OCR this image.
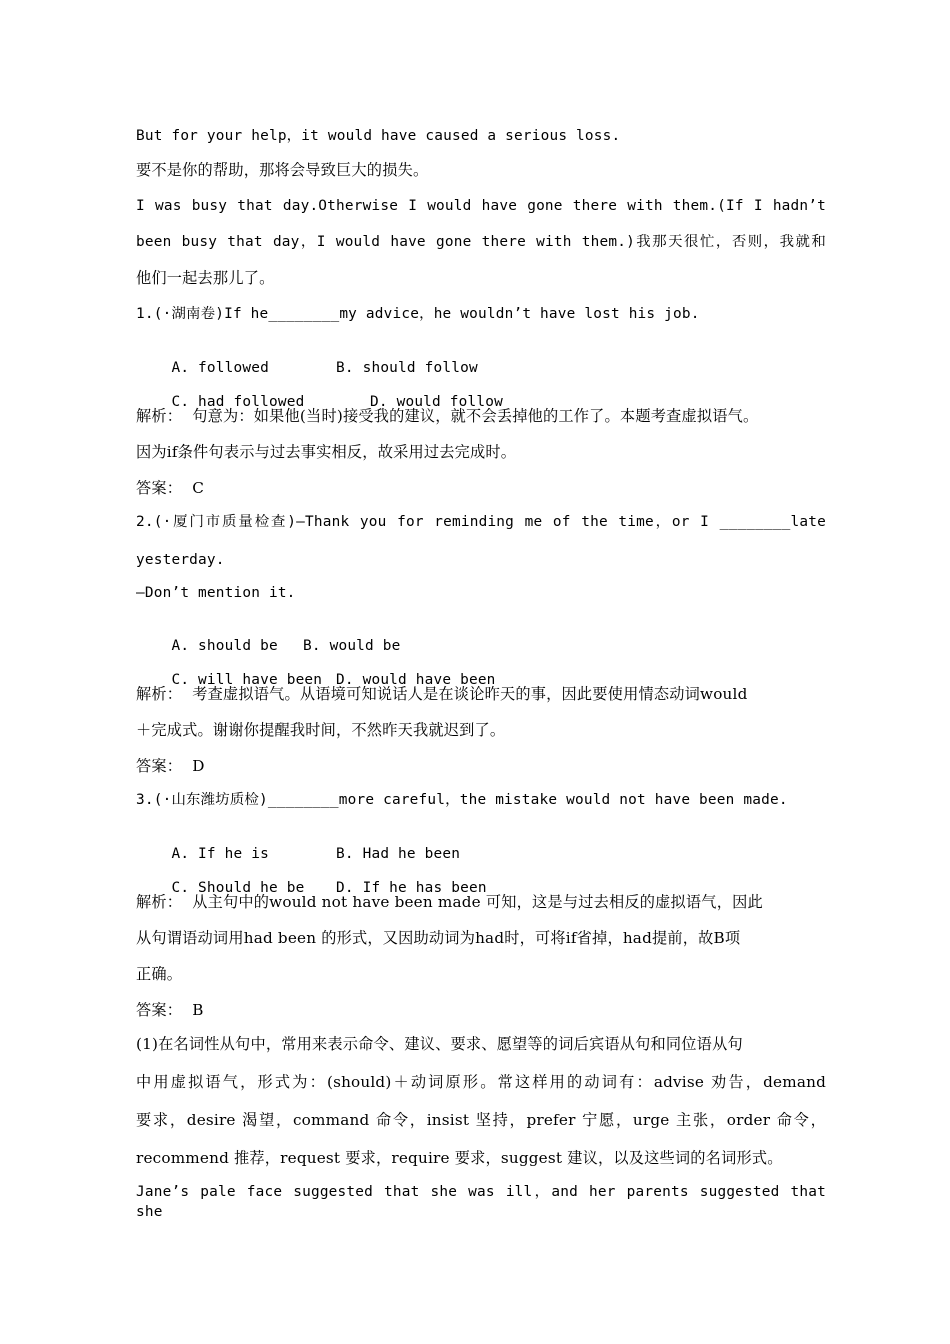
But for your help，it would have caused a serious loss.
要不是你的帮助，那将会导致巨大的损失。
I was busy that day.Otherwise I would have gone there with them.(If I hadn’t
been busy that day，I would have gone there with them.)我那天很忙，否则，我就和
他们一起去那儿了。
1.(·湖南卷)If he________my advice，he wouldn’t have lost his job.

A. followed	B. should follow

C. had followed	D. would follow

解析：  句意为：如果他(当时)接受我的建议，就不会丢掉他的工作了。本题考查虚拟语气。
因为if条件句表示与过去事实相反，故采用过去完成时。
答案：  C
2.(·厦门市质量检查)—Thank you for reminding me of the time，or I ________late
yesterday.
—Don’t mention it.

A. should be B. would be

C. will have been D. would have been

解析：  考查虚拟语气。从语境可知说话人是在谈论昨天的事，因此要使用情态动词would
＋完成式。谢谢你提醒我时间，不然昨天我就迟到了。
答案：  D
3.(·山东潍坊质检)________more careful，the mistake would not have been made.

A. If he is	B. Had he been

C. Should he be D. If he has been

解析：  从主句中的would not have been made 可知，这是与过去相反的虚拟语气，因此
从句谓语动词用had been 的形式，又因助动词为had时，可将if省掉，had提前，故B项
正确。
答案：  B
(1)在名词性从句中，常用来表示命令、建议、要求、愿望等的词后宾语从句和同位语从句
中用虚拟语气，形式为：(should)＋动词原形。常这样用的动词有：advise 劝告，demand
要求，desire 渴望，command 命令，insist 坚持，prefer 宁愿，urge 主张，order 命令，
recommend 推荐，request 要求，require 要求，suggest 建议，以及这些词的名词形式。
Jane’s pale face suggested that she was ill，and her parents suggested that she
